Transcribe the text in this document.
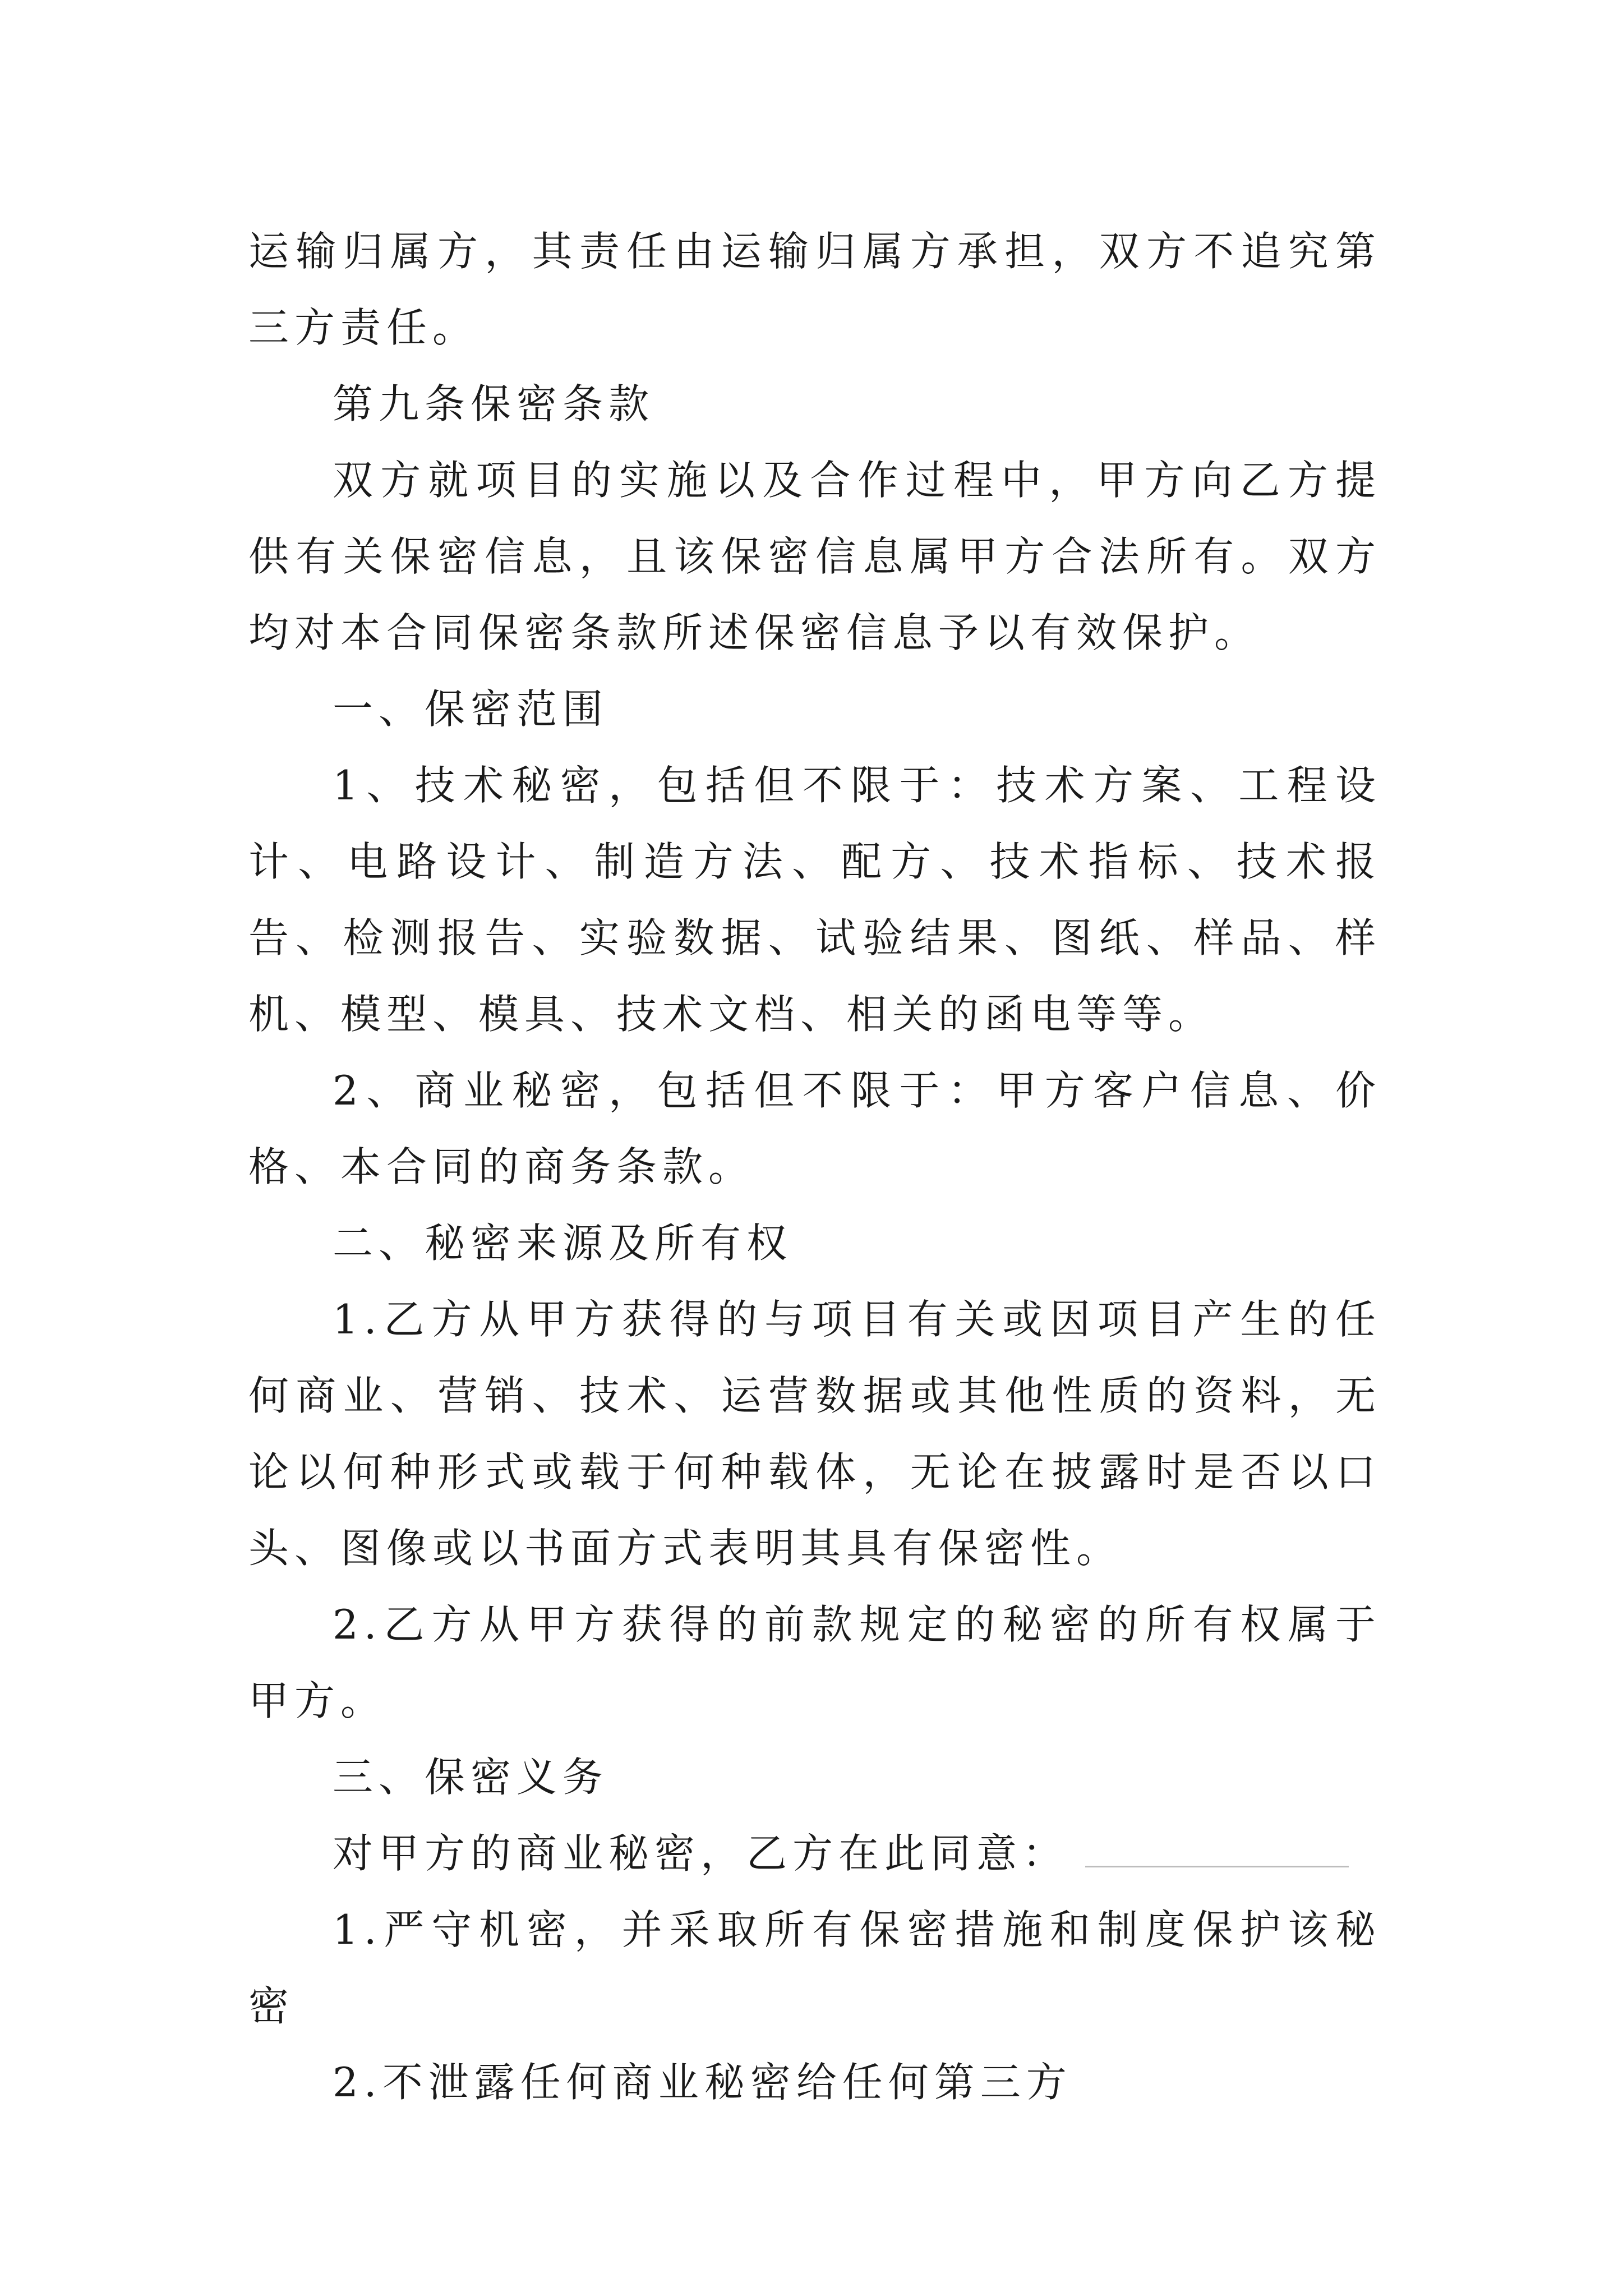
运输归属方，其责任由运输归属方承担，双方不追究第三方责任。

第九条保密条款

双方就项目的实施以及合作过程中，甲方向乙方提供有关保密信息，且该保密信息属甲方合法所有。双方均对本合同保密条款所述保密信息予以有效保护。

一、保密范围

1、技术秘密，包括但不限于：技术方案、工程设计、电路设计、制造方法、配方、技术指标、技术报告、检测报告、实验数据、试验结果、图纸、样品、样机、模型、模具、技术文档、相关的函电等等。

2、商业秘密，包括但不限于：甲方客户信息、价格、本合同的商务条款。

二、秘密来源及所有权

1.乙方从甲方获得的与项目有关或因项目产生的任何商业、营销、技术、运营数据或其他性质的资料，无论以何种形式或载于何种载体，无论在披露时是否以口头、图像或以书面方式表明其具有保密性。

2.乙方从甲方获得的前款规定的秘密的所有权属于甲方。

三、保密义务

对甲方的商业秘密，乙方在此同意：

1.严守机密，并采取所有保密措施和制度保护该秘密

2.不泄露任何商业秘密给任何第三方
